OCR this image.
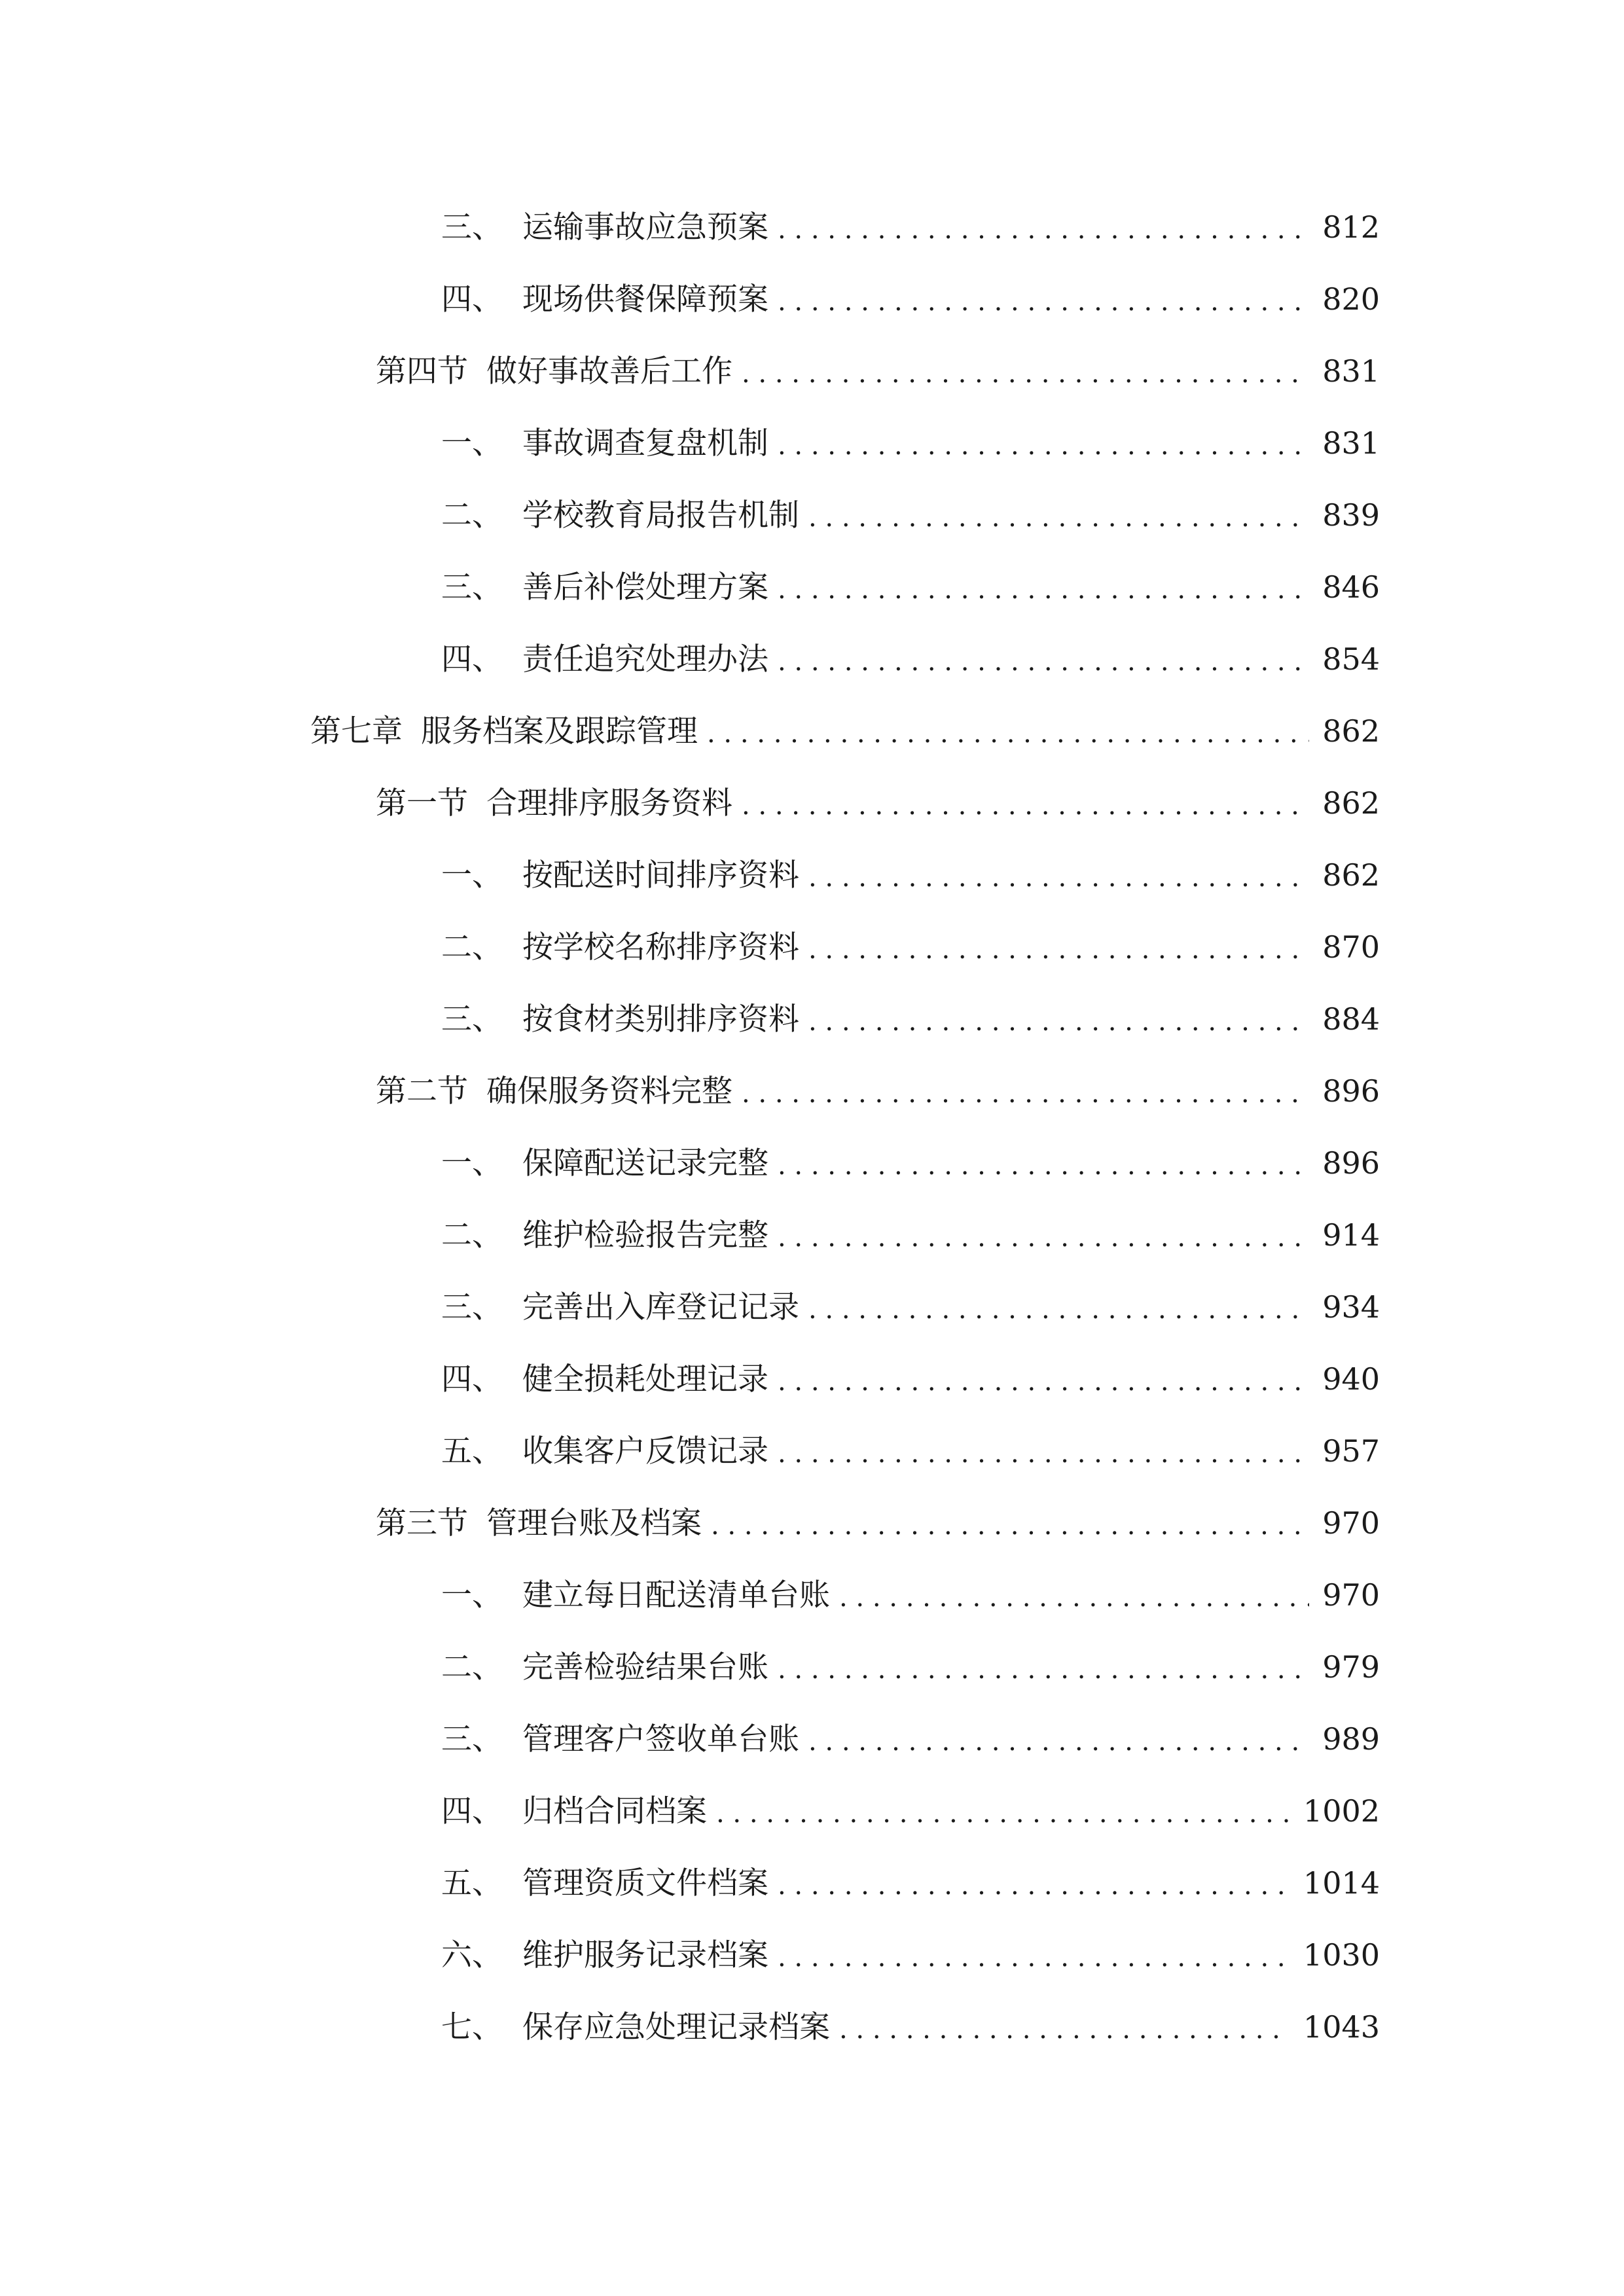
三、 运输事故应急预案 . . .	812
四、 现场供餐保障预案 . . .	820
第四节 做好事故善后工作 . . .	831
一、 事故调查复盘机制 . . .	831
二、 学校教育局报告机制 . . .	839
三、 善后补偿处理方案 . . .	846
四、 责任追究处理办法 . . .	854
第七章 服务档案及跟踪管理 . . .	862
第一节 合理排序服务资料 . . .	862
一、 按配送时间排序资料 . . .	862
二、 按学校名称排序资料 . . .	870
三、 按食材类别排序资料 . . .	884
第二节 确保服务资料完整 . . .	896
一、 保障配送记录完整 . . .	896
二、 维护检验报告完整 . . .	914
三、 完善出入库登记记录 . . .	934
四、 健全损耗处理记录 . . .	940
五、 收集客户反馈记录 . . .	957
第三节 管理台账及档案 . . .	970
一、 建立每日配送清单台账 . . .	970
二、 完善检验结果台账 . . .	979
三、 管理客户签收单台账 . . .	989
四、 归档合同档案 . . .	1002
五、 管理资质文件档案 . . .	1014
六、 维护服务记录档案 . . .	1030
七、 保存应急处理记录档案 . . .	1043
